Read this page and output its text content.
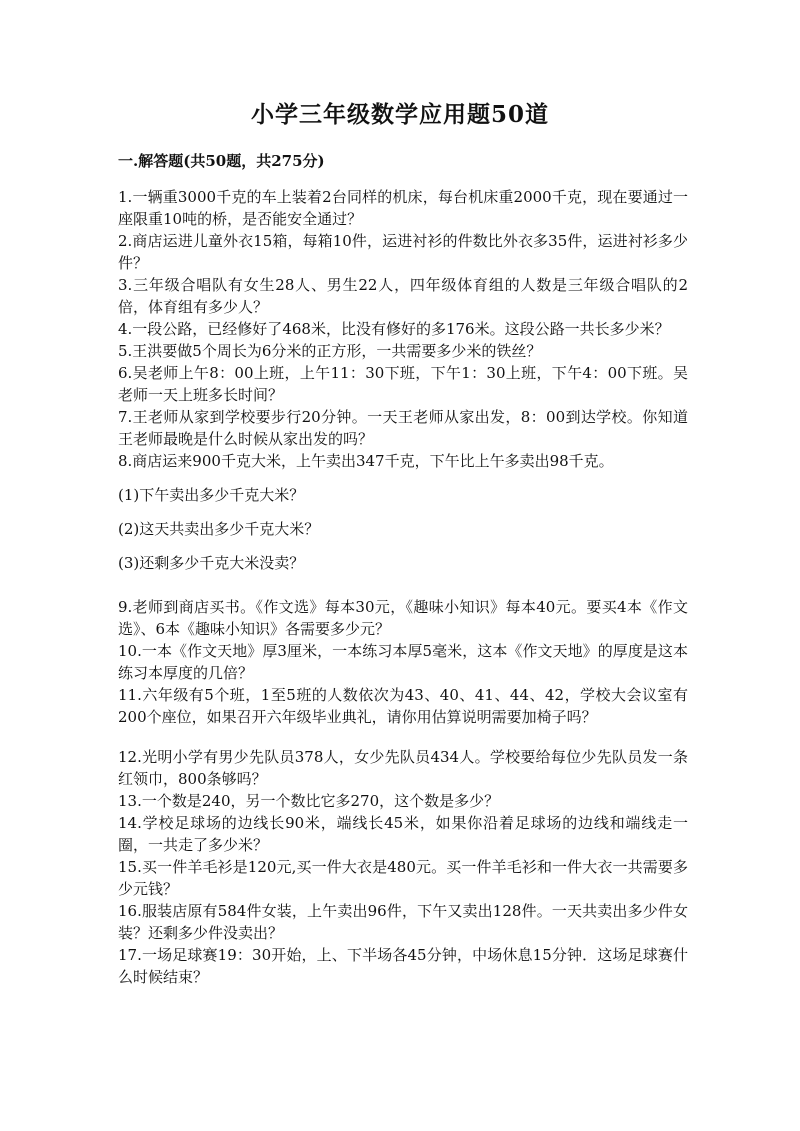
小学三年级数学应用题50道
一.解答题(共50题，共275分)

1.一辆重3000千克的车上装着2台同样的机床，每台机床重2000千克，现在要通过一座限重10吨的桥，是否能安全通过？

2.商店运进儿童外衣15箱，每箱10件，运进衬衫的件数比外衣多35件，运进衬衫多少件？

3.三年级合唱队有女生28人、男生22人，四年级体育组的人数是三年级合唱队的2倍，体育组有多少人？

4.一段公路，已经修好了468米，比没有修好的多176米。这段公路一共长多少米？

5.王洪要做5个周长为6分米的正方形，一共需要多少米的铁丝？

6.吴老师上午8：00上班，上午11：30下班，下午1：30上班，下午4：00下班。吴老师一天上班多长时间？

7.王老师从家到学校要步行20分钟。一天王老师从家出发，8：00到达学校。你知道王老师最晚是什么时候从家出发的吗？

8.商店运来900千克大米，上午卖出347千克，下午比上午多卖出98千克。

(1)下午卖出多少千克大米？

(2)这天共卖出多少千克大米？

(3)还剩多少千克大米没卖？

9.老师到商店买书。《作文选》每本30元，《趣味小知识》每本40元。要买4本《作文选》、6本《趣味小知识》各需要多少元？

10.一本《作文天地》厚3厘米，一本练习本厚5毫米，这本《作文天地》的厚度是这本练习本厚度的几倍？

11.六年级有5个班，1至5班的人数依次为43、40、41、44、42，学校大会议室有200个座位，如果召开六年级毕业典礼，请你用估算说明需要加椅子吗？

12.光明小学有男少先队员378人，女少先队员434人。学校要给每位少先队员发一条红领巾，800条够吗？

13.一个数是240，另一个数比它多270，这个数是多少？

14.学校足球场的边线长90米，端线长45米，如果你沿着足球场的边线和端线走一圈，一共走了多少米？

15.买一件羊毛衫是120元,买一件大衣是480元。买一件羊毛衫和一件大衣一共需要多少元钱？

16.服装店原有584件女装，上午卖出96件，下午又卖出128件。一天共卖出多少件女装？还剩多少件没卖出？

17.一场足球赛19：30开始，上、下半场各45分钟，中场休息15分钟．这场足球赛什么时候结束？
